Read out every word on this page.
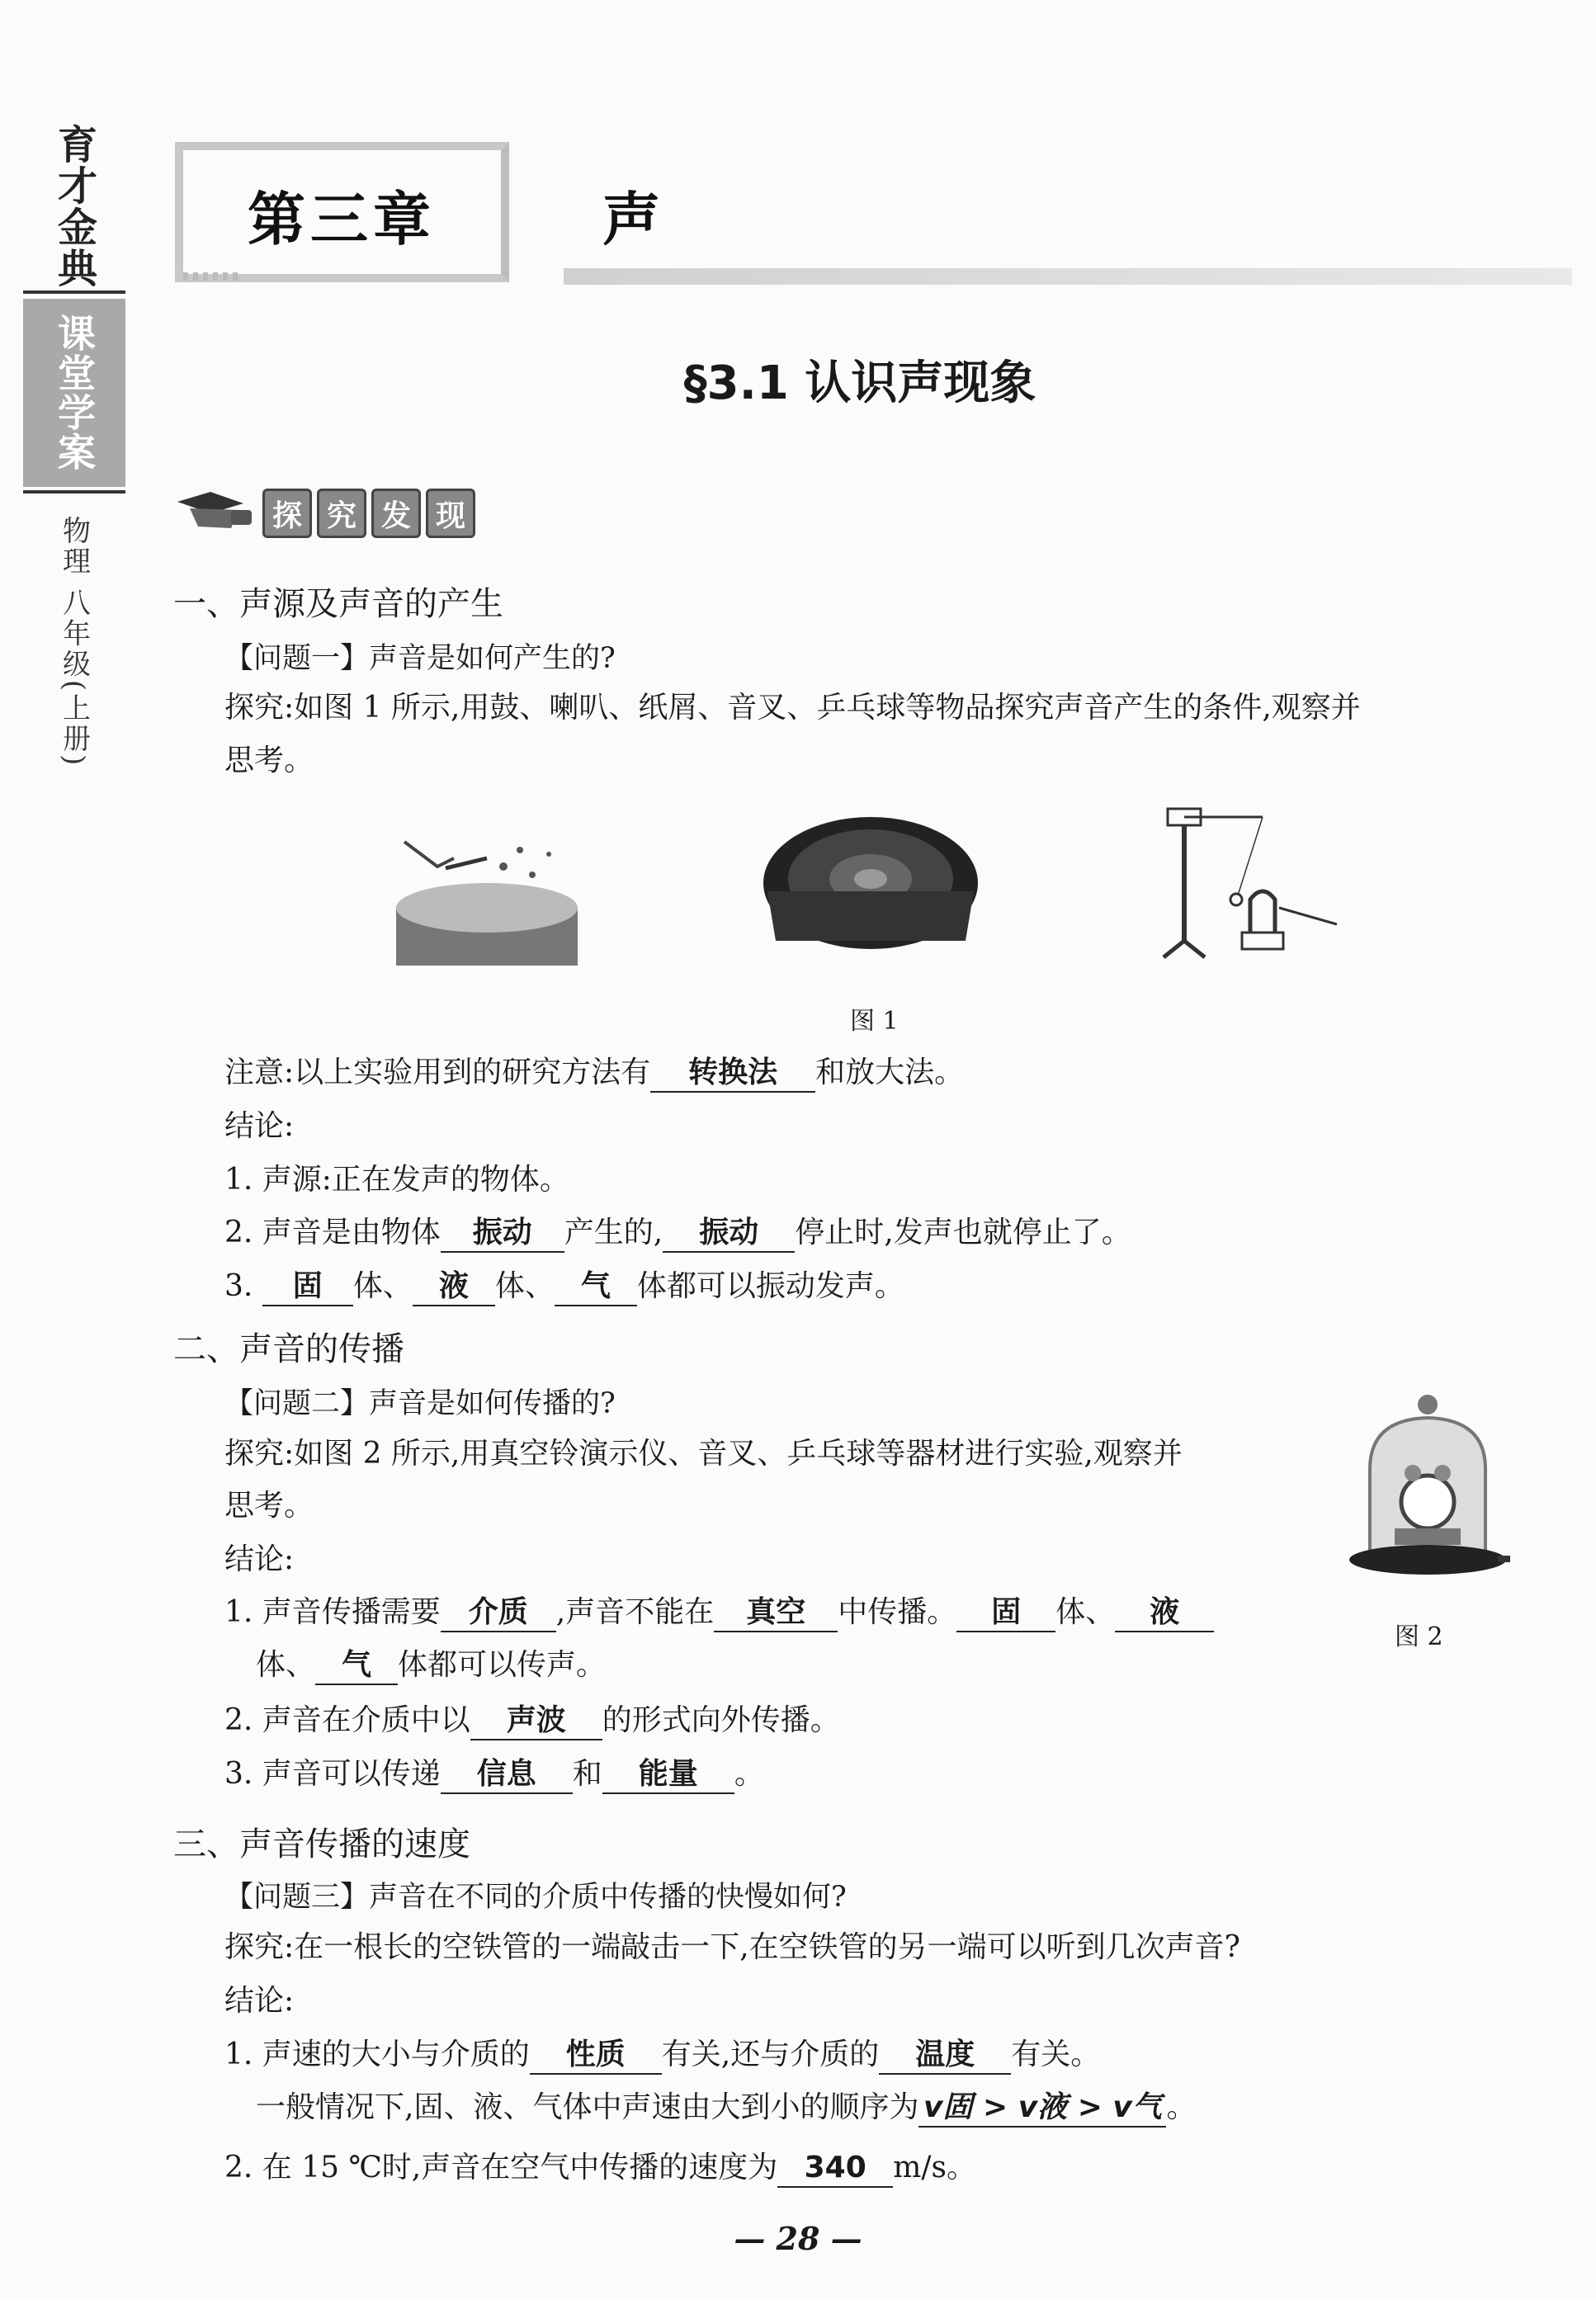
育才金典
课堂学案
物理 八年级(上册)
第三章	声
§3.1 认识声现象
探 究 发 现
一、声源及声音的产生
【问题一】声音是如何产生的?
探究:如图 1 所示,用鼓、喇叭、纸屑、音叉、乒乓球等物品探究声音产生的条件,观察并
思考。
图 1
注意:以上实验用到的研究方法有 转换法 和放大法。
结论:
1. 声源:正在发声的物体。
2. 声音是由物体 振动 产生的, 振动 停止时,发声也就停止了。
3. 固 体、 液 体、 气 体都可以振动发声。
二、声音的传播
【问题二】声音是如何传播的?
探究:如图 2 所示,用真空铃演示仪、音叉、乒乓球等器材进行实验,观察并
思考。
结论:
1. 声音传播需要 介质 ,声音不能在 真空 中传播。 固 体、 液
体、 气 体都可以传声。
2. 声音在介质中以 声波 的形式向外传播。
3. 声音可以传递 信息 和 能量 。
图 2
三、声音传播的速度
【问题三】声音在不同的介质中传播的快慢如何?
探究:在一根长的空铁管的一端敲击一下,在空铁管的另一端可以听到几次声音?
结论:
1. 声速的大小与介质的 性质 有关,还与介质的 温度 有关。
一般情况下,固、液、气体中声速由大到小的顺序为 v固 > v液 > v气 。
2. 在 15 ℃时,声音在空气中传播的速度为 340 m/s。
— 28 —
